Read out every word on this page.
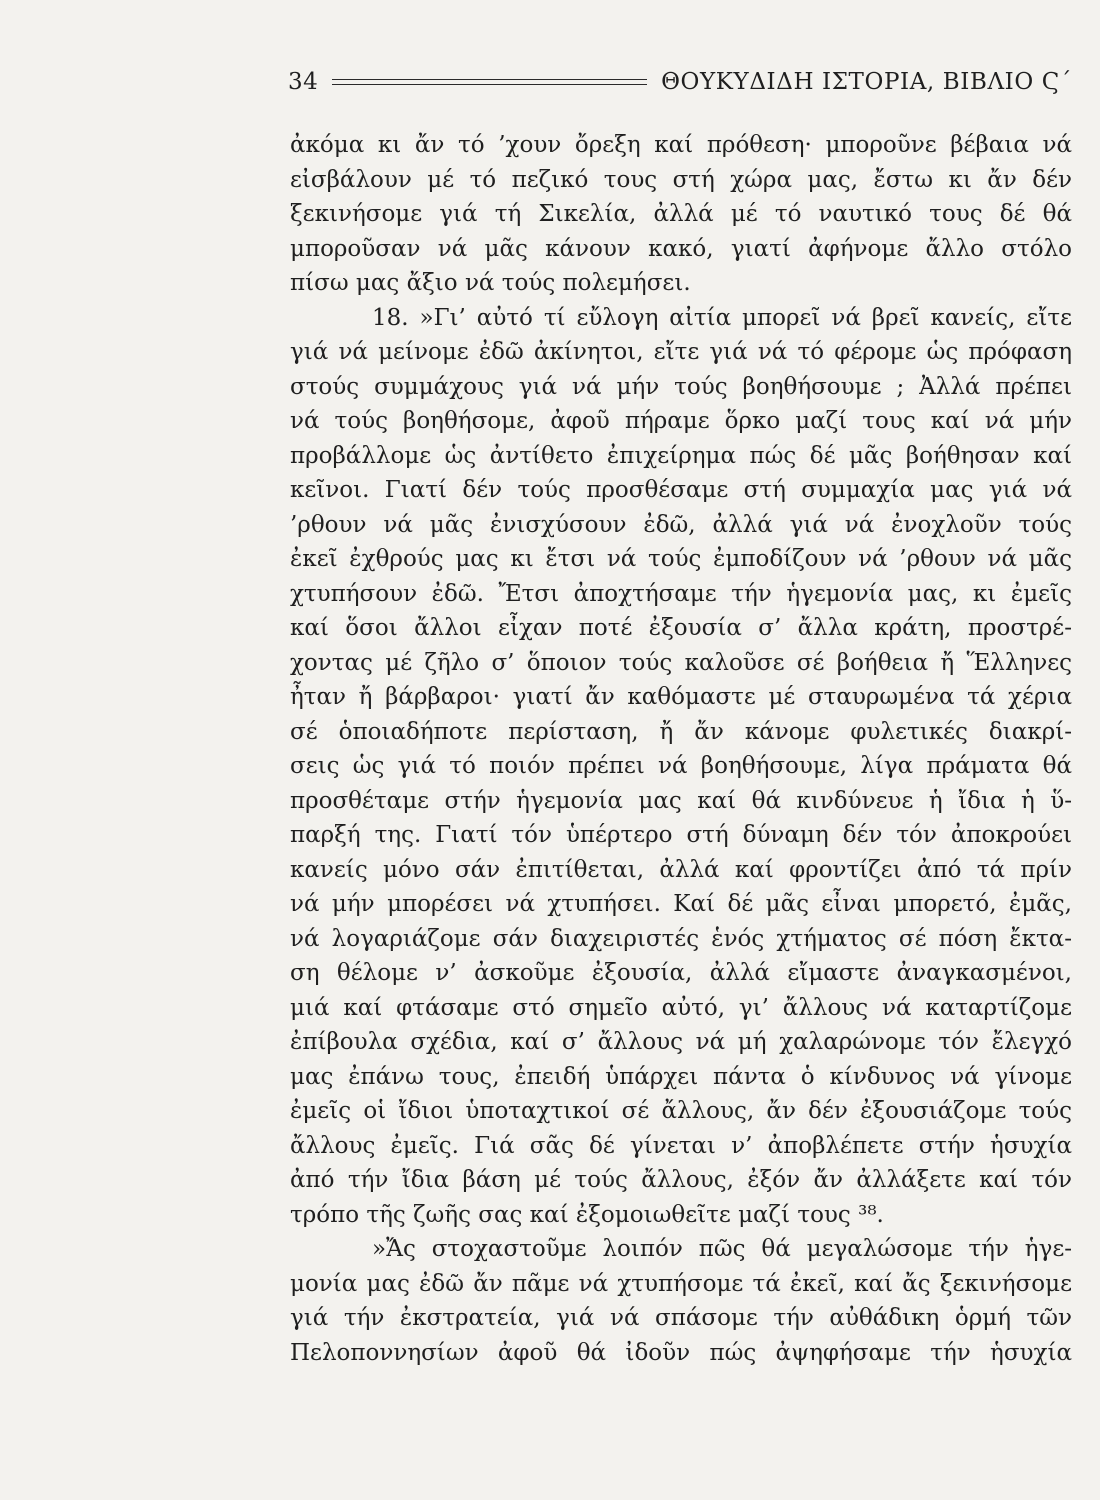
34	ΘΟΥΚΥΔΙΔΗ ΙΣΤΟΡΙΑ, ΒΙΒΛΙΟ Ϛ΄
ἀκόμα κι ἄν τό ’χουν ὄρεξη καί πρόθεση· μποροῦνε βέβαια νά
εἰσβάλουν μέ τό πεζικό τους στή χώρα μας, ἔστω κι ἄν δέν
ξεκινήσομε γιά τή Σικελία, ἀλλά μέ τό ναυτικό τους δέ θά
μποροῦσαν νά μᾶς κάνουν κακό, γιατί ἀφήνομε ἄλλο στόλο
πίσω μας ἄξιο νά τούς πολεμήσει.
18. »Γι’ αὐτό τί εὔλογη αἰτία μπορεῖ νά βρεῖ κανείς, εἴτε
γιά νά μείνομε ἐδῶ ἀκίνητοι, εἴτε γιά νά τό φέρομε ὡς πρόφαση
στούς συμμάχους γιά νά μήν τούς βοηθήσουμε ; Ἀλλά πρέπει
νά τούς βοηθήσομε, ἀφοῦ πήραμε ὅρκο μαζί τους καί νά μήν
προβάλλομε ὡς ἀντίθετο ἐπιχείρημα πώς δέ μᾶς βοήθησαν καί
κεῖνοι. Γιατί δέν τούς προσθέσαμε στή συμμαχία μας γιά νά
’ρθουν νά μᾶς ἐνισχύσουν ἐδῶ, ἀλλά γιά νά ἐνοχλοῦν τούς
ἐκεῖ ἐχθρούς μας κι ἔτσι νά τούς ἐμποδίζουν νά ’ρθουν νά μᾶς
χτυπήσουν ἐδῶ. Ἔτσι ἀποχτήσαμε τήν ἡγεμονία μας, κι ἐμεῖς
καί ὅσοι ἄλλοι εἶχαν ποτέ ἐξουσία σ’ ἄλλα κράτη, προστρέ-
χοντας μέ ζῆλο σ’ ὅποιον τούς καλοῦσε σέ βοήθεια ἤ Ἕλληνες
ἦταν ἤ βάρβαροι· γιατί ἄν καθόμαστε μέ σταυρωμένα τά χέρια
σέ ὁποιαδήποτε περίσταση, ἤ ἄν κάνομε φυλετικές διακρί-
σεις ὡς γιά τό ποιόν πρέπει νά βοηθήσουμε, λίγα πράματα θά
προσθέταμε στήν ἡγεμονία μας καί θά κινδύνευε ἡ ἴδια ἡ ὕ-
παρξή της. Γιατί τόν ὑπέρτερο στή δύναμη δέν τόν ἀποκρούει
κανείς μόνο σάν ἐπιτίθεται, ἀλλά καί φροντίζει ἀπό τά πρίν
νά μήν μπορέσει νά χτυπήσει. Καί δέ μᾶς εἶναι μπορετό, ἐμᾶς,
νά λογαριάζομε σάν διαχειριστές ἑνός χτήματος σέ πόση ἔκτα-
ση θέλομε ν’ ἀσκοῦμε ἐξουσία, ἀλλά εἴμαστε ἀναγκασμένοι,
μιά καί φτάσαμε στό σημεῖο αὐτό, γι’ ἄλλους νά καταρτίζομε
ἐπίβουλα σχέδια, καί σ’ ἄλλους νά μή χαλαρώνομε τόν ἔλεγχό
μας ἐπάνω τους, ἐπειδή ὑπάρχει πάντα ὁ κίνδυνος νά γίνομε
ἐμεῖς οἱ ἴδιοι ὑποταχτικοί σέ ἄλλους, ἄν δέν ἐξουσιάζομε τούς
ἄλλους ἐμεῖς. Γιά σᾶς δέ γίνεται ν’ ἀποβλέπετε στήν ἡσυχία
ἀπό τήν ἴδια βάση μέ τούς ἄλλους, ἐξόν ἄν ἀλλάξετε καί τόν
τρόπο τῆς ζωῆς σας καί ἐξομοιωθεῖτε μαζί τους ³⁸.
»Ἄς στοχαστοῦμε λοιπόν πῶς θά μεγαλώσομε τήν ἡγε-
μονία μας ἐδῶ ἄν πᾶμε νά χτυπήσομε τά ἐκεῖ, καί ἄς ξεκινήσομε
γιά τήν ἐκστρατεία, γιά νά σπάσομε τήν αὐθάδικη ὁρμή τῶν
Πελοποννησίων ἀφοῦ θά ἰδοῦν πώς ἀψηφήσαμε τήν ἡσυχία
